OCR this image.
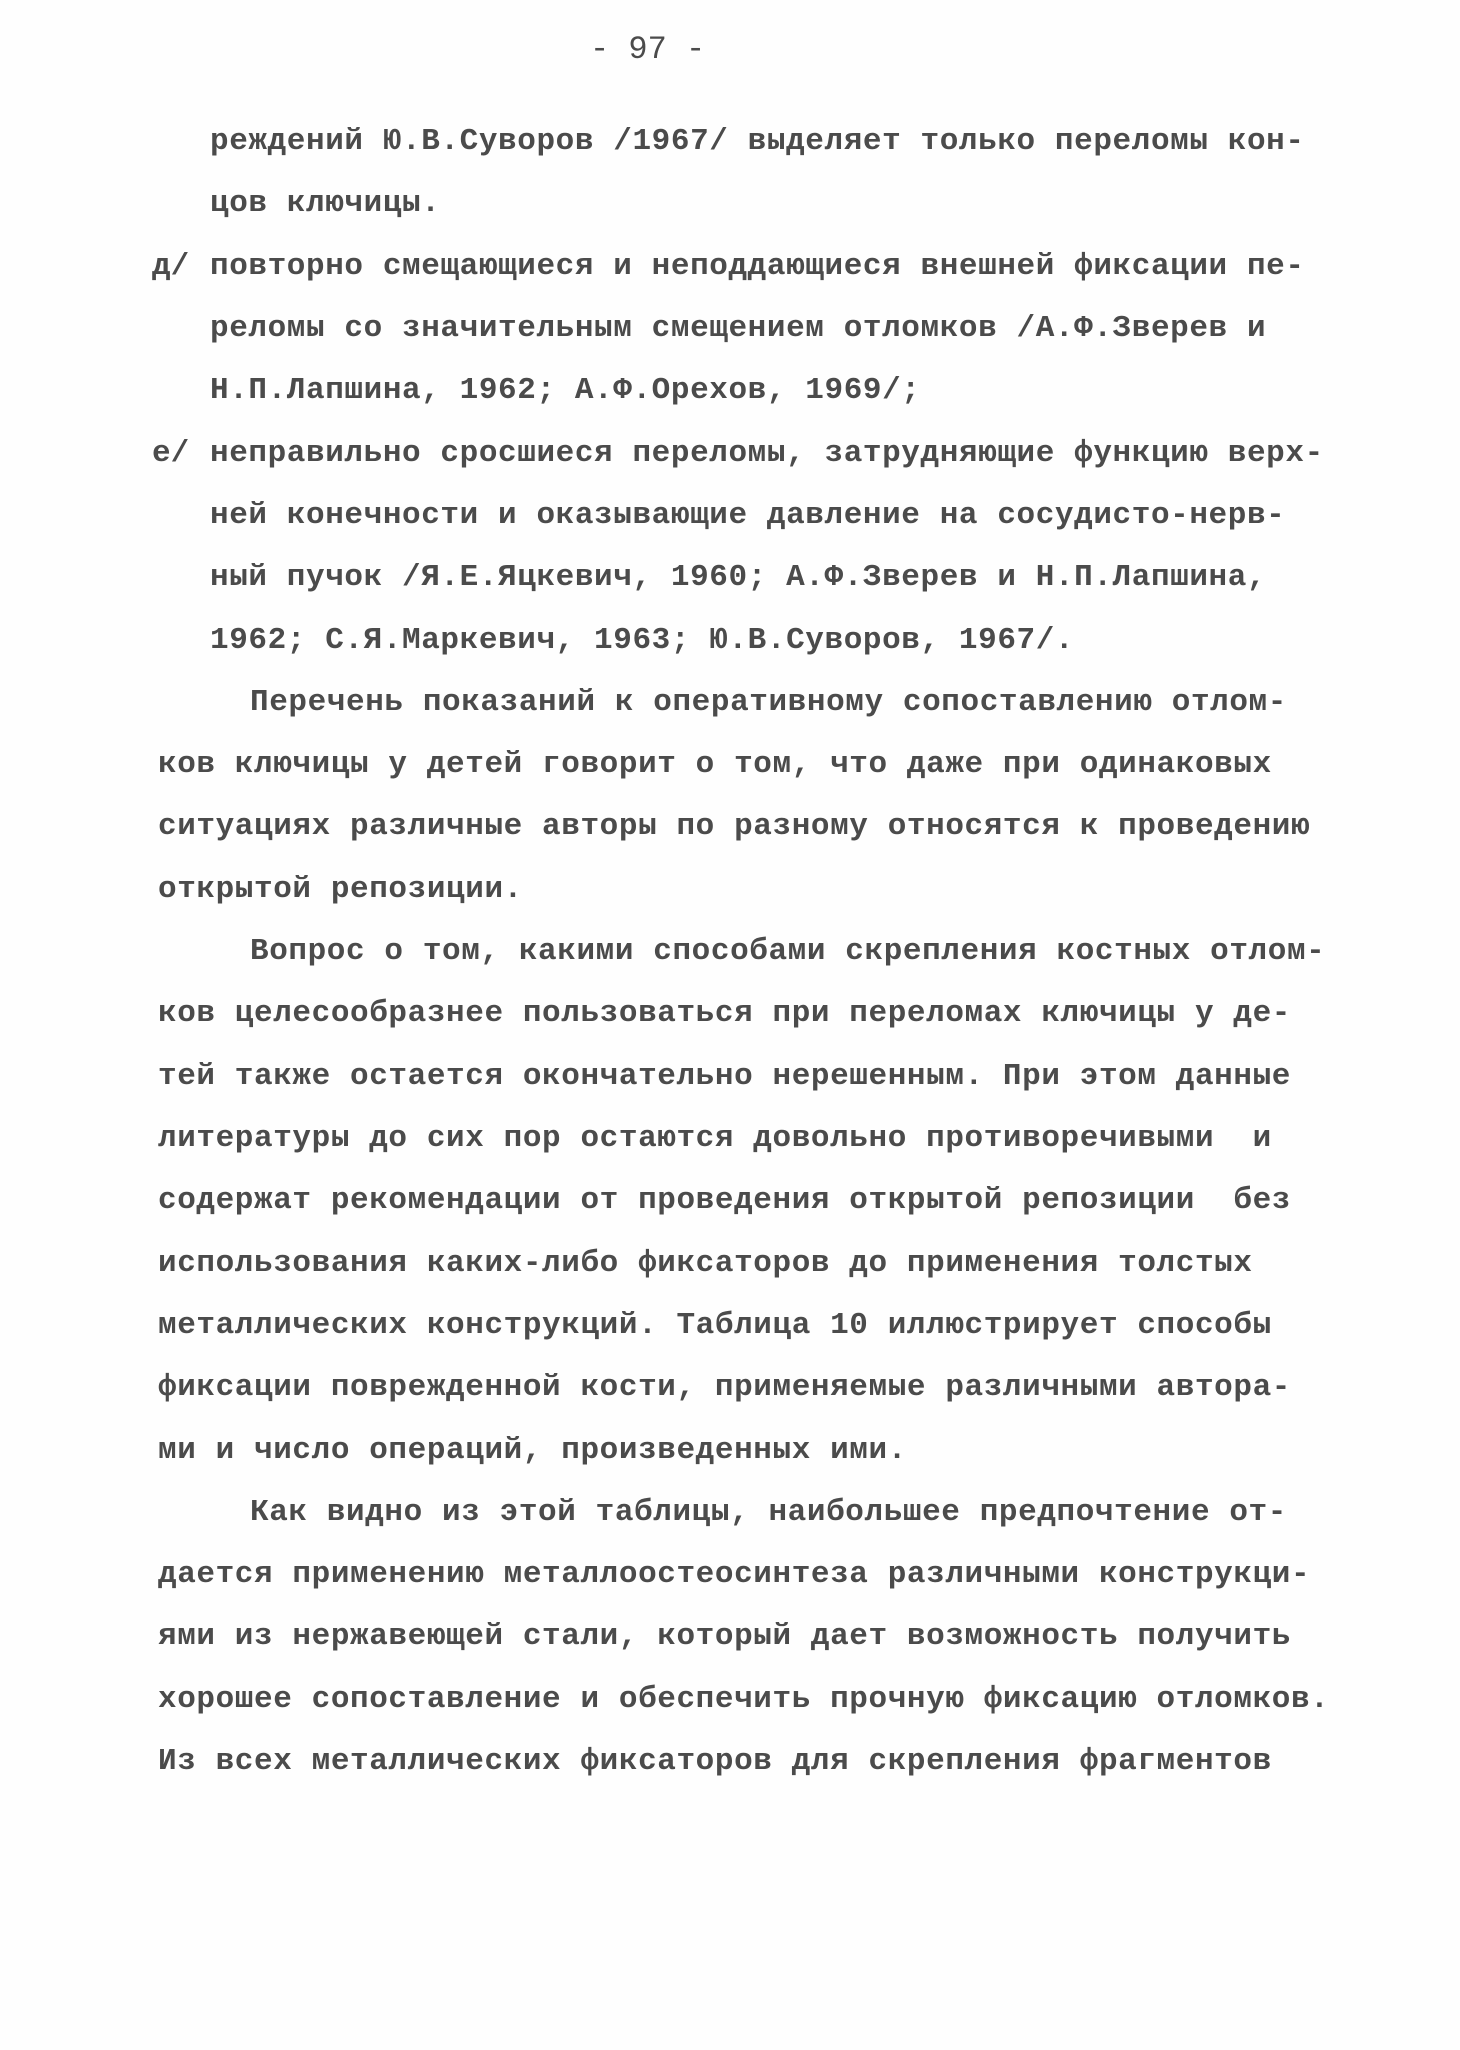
- 97 -
реждений Ю.В.Суворов /1967/ выделяет только переломы кон-
цов ключицы.
д/ повторно смещающиеся и неподдающиеся внешней фиксации пе-
реломы со значительным смещением отломков /А.Ф.Зверев и
Н.П.Лапшина, 1962; А.Ф.Орехов, 1969/;
е/ неправильно сросшиеся переломы, затрудняющие функцию верх-
ней конечности и оказывающие давление на сосудисто-нерв-
ный пучок /Я.Е.Яцкевич, 1960; А.Ф.Зверев и Н.П.Лапшина,
1962; С.Я.Маркевич, 1963; Ю.В.Суворов, 1967/.
Перечень показаний к оперативному сопоставлению отлом-
ков ключицы у детей говорит о том, что даже при одинаковых
ситуациях различные авторы по разному относятся к проведению
открытой репозиции.
Вопрос о том, какими способами скрепления костных отлом-
ков целесообразнее пользоваться при переломах ключицы у де-
тей также остается окончательно нерешенным. При этом данные
литературы до сих пор остаются довольно противоречивыми  и
содержат рекомендации от проведения открытой репозиции  без
использования каких-либо фиксаторов до применения толстых
металлических конструкций. Таблица 10 иллюстрирует способы
фиксации поврежденной кости, применяемые различными автора-
ми и число операций, произведенных ими.
Как видно из этой таблицы, наибольшее предпочтение от-
дается применению металлоостеосинтеза различными конструкци-
ями из нержавеющей стали, который дает возможность получить
хорошее сопоставление и обеспечить прочную фиксацию отломков.
Из всех металлических фиксаторов для скрепления фрагментов
